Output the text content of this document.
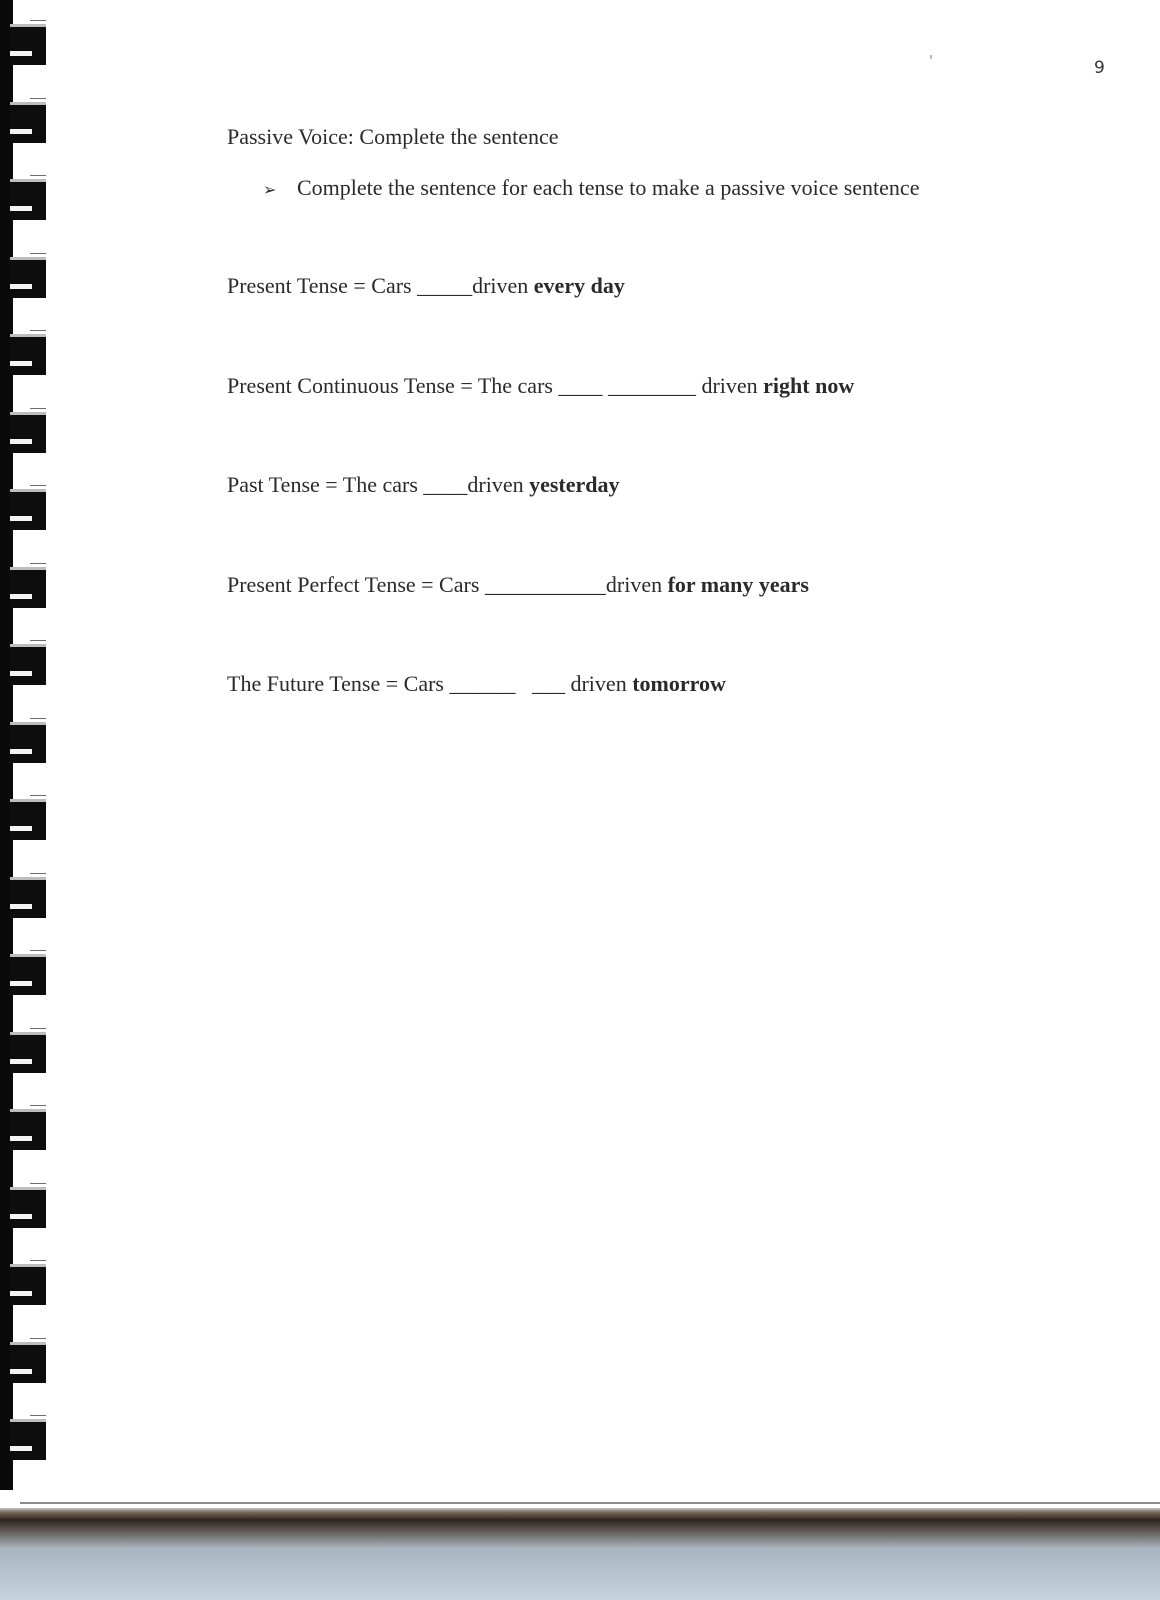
9
Passive Voice: Complete the sentence
➢ Complete the sentence for each tense to make a passive voice sentence
Present Tense = Cars _____driven every day
Present Continuous Tense = The cars ____ ________ driven right now
Past Tense = The cars ____driven yesterday
Present Perfect Tense = Cars ___________driven for many years
The Future Tense = Cars ______   ___ driven tomorrow
